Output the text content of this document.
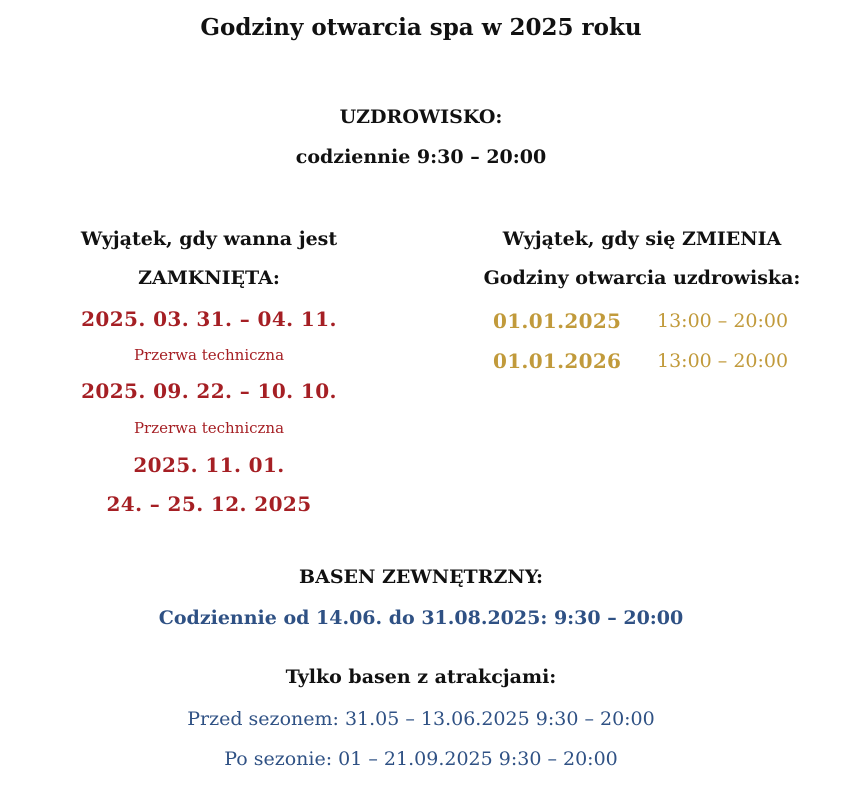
Godziny otwarcia spa w 2025 roku
UZDROWISKO:
codziennie 9:30 – 20:00
Wyjątek, gdy wanna jest
ZAMKNIĘTA:
2025. 03. 31. – 04. 11.
Przerwa techniczna
2025. 09. 22. – 10. 10.
Przerwa techniczna
2025. 11. 01.
24. – 25. 12. 2025
Wyjątek, gdy się ZMIENIA
Godziny otwarcia uzdrowiska:
01.01.2025 13:00 – 20:00
01.01.2026 13:00 – 20:00
BASEN ZEWNĘTRZNY:
Codziennie od 14.06. do 31.08.2025: 9:30 – 20:00
Tylko basen z atrakcjami:
Przed sezonem: 31.05 – 13.06.2025 9:30 – 20:00
Po sezonie: 01 – 21.09.2025 9:30 – 20:00
